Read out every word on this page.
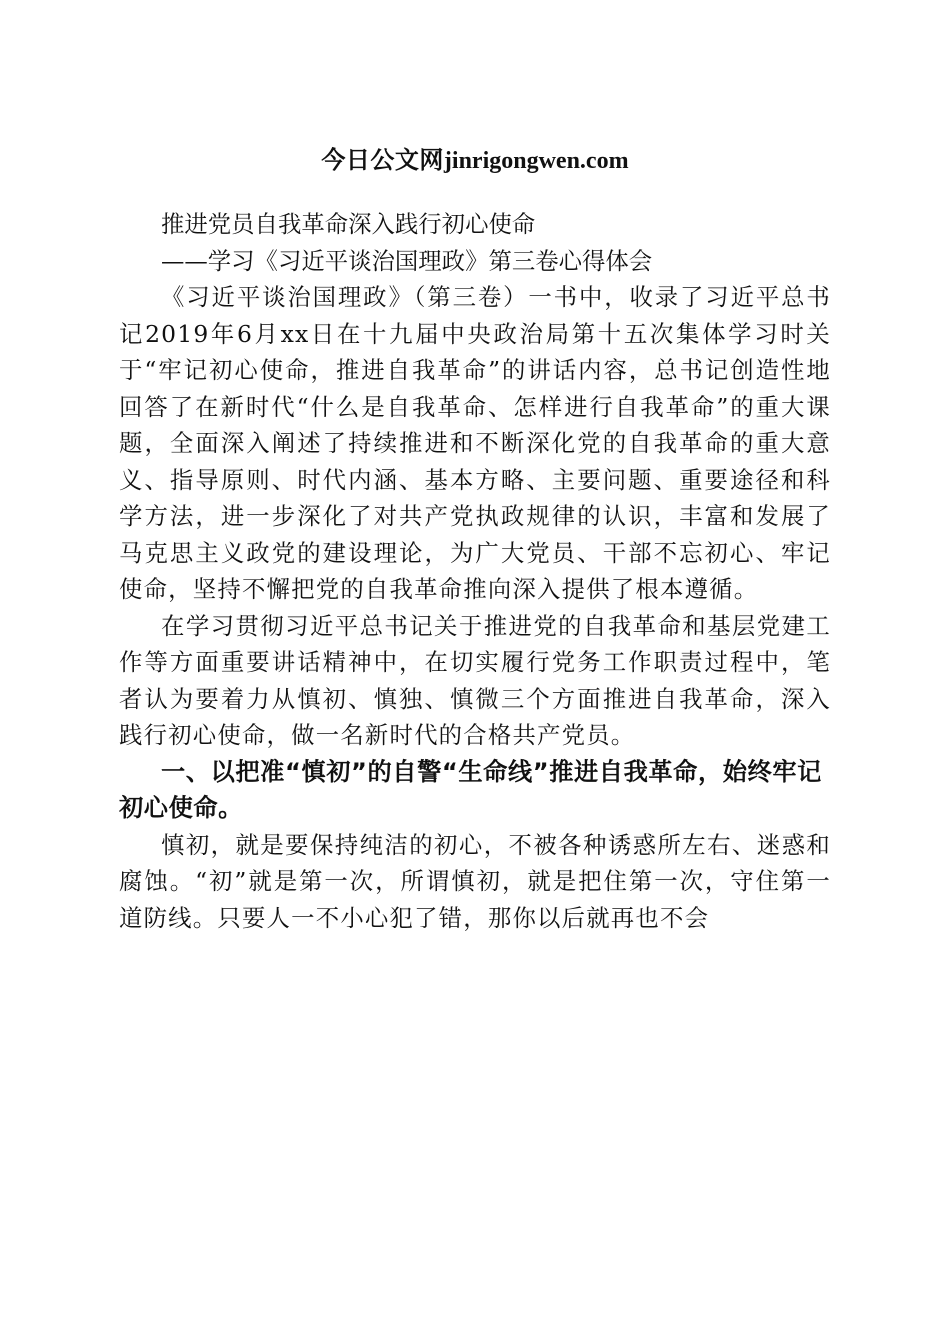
今日公文网jinrigongwen.com
推进党员自我革命深入践行初心使命
——学习《习近平谈治国理政》第三卷心得体会

《习近平谈治国理政》（第三卷）一书中，收录了习近平总书记2019年6月xx日在十九届中央政治局第十五次集体学习时关于“牢记初心使命，推进自我革命”的讲话内容，总书记创造性地回答了在新时代“什么是自我革命、怎样进行自我革命”的重大课题，全面深入阐述了持续推进和不断深化党的自我革命的重大意义、指导原则、时代内涵、基本方略、主要问题、重要途径和科学方法，进一步深化了对共产党执政规律的认识，丰富和发展了马克思主义政党的建设理论，为广大党员、干部不忘初心、牢记使命，坚持不懈把党的自我革命推向深入提供了根本遵循。

在学习贯彻习近平总书记关于推进党的自我革命和基层党建工作等方面重要讲话精神中，在切实履行党务工作职责过程中，笔者认为要着力从慎初、慎独、慎微三个方面推进自我革命，深入践行初心使命，做一名新时代的合格共产党员。

一、以把准“慎初”的自警“生命线”推进自我革命，始终牢记初心使命。

慎初，就是要保持纯洁的初心，不被各种诱惑所左右、迷惑和腐蚀。“初”就是第一次，所谓慎初，就是把住第一次，守住第一道防线。只要人一不小心犯了错，那你以后就再也不会
